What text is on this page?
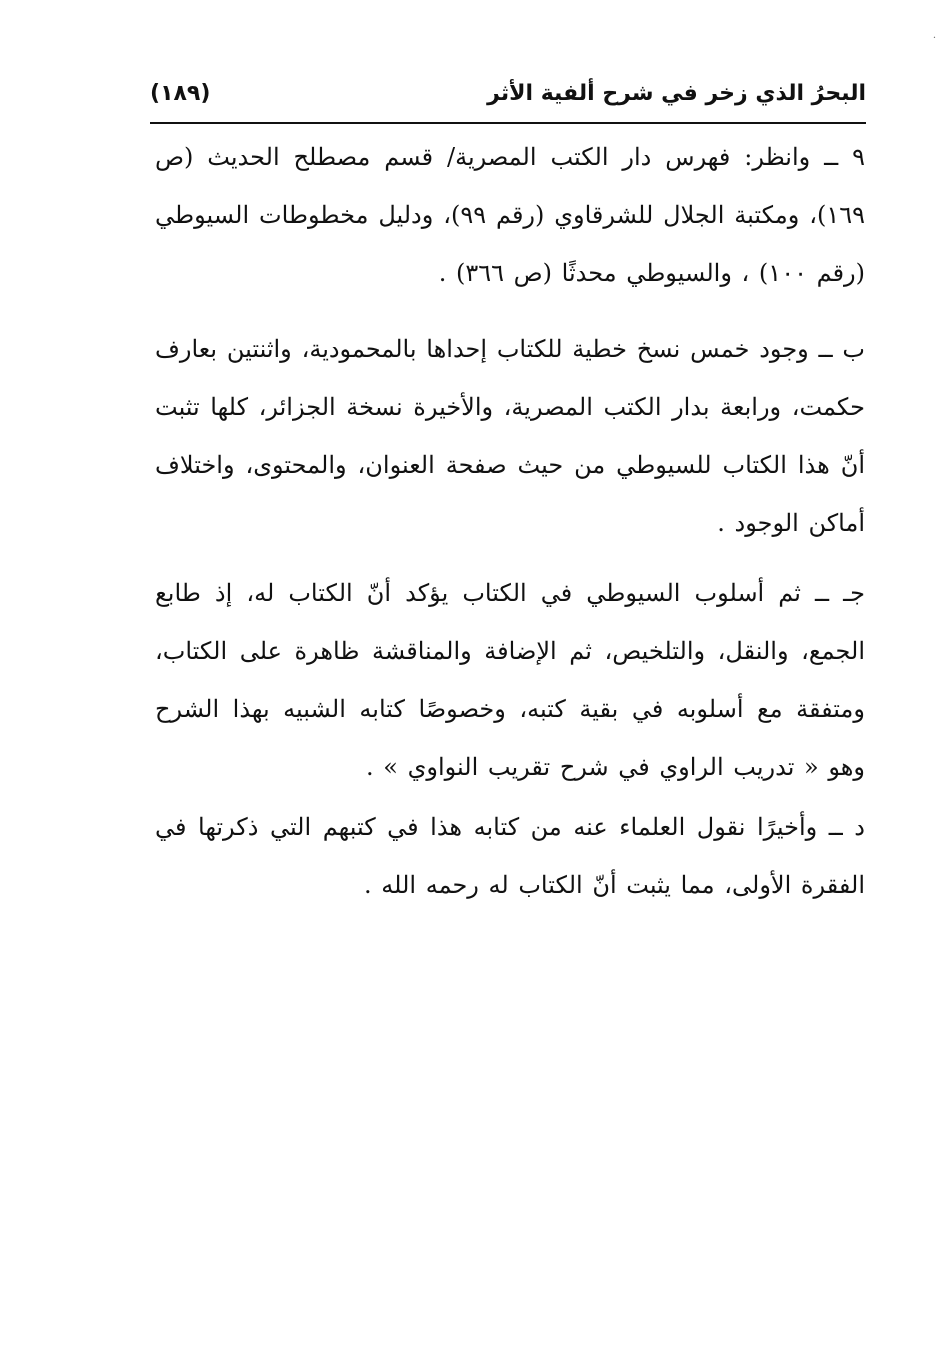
.
البحرُ الذي زخر في شرح ألفية الأثر
(١٨٩)
٩ ــ وانظر: فهرس دار الكتب المصرية/ قسم مصطلح الحديث (ص ١٦٩)، ومكتبة الجلال للشرقاوي (رقم ٩٩)، ودليل مخطوطات السيوطي (رقم ١٠٠) ، والسيوطي محدثًا (ص ٣٦٦) .
ب ــ وجود خمس نسخ خطية للكتاب إحداها بالمحمودية، واثنتين بعارف حكمت، ورابعة بدار الكتب المصرية، والأخيرة نسخة الجزائر، كلها تثبت أنّ هذا الكتاب للسيوطي من حيث صفحة العنوان، والمحتوى، واختلاف أماكن الوجود .
جـ ــ ثم أسلوب السيوطي في الكتاب يؤكد أنّ الكتاب له، إذ طابع الجمع، والنقل، والتلخيص، ثم الإضافة والمناقشة ظاهرة على الكتاب، ومتفقة مع أسلوبه في بقية كتبه، وخصوصًا كتابه الشبيه بهذا الشرح وهو « تدريب الراوي في شرح تقريب النواوي » .
د ــ وأخيرًا نقول العلماء عنه من كتابه هذا في كتبهم التي ذكرتها في الفقرة الأولى، مما يثبت أنّ الكتاب له رحمه الله .
